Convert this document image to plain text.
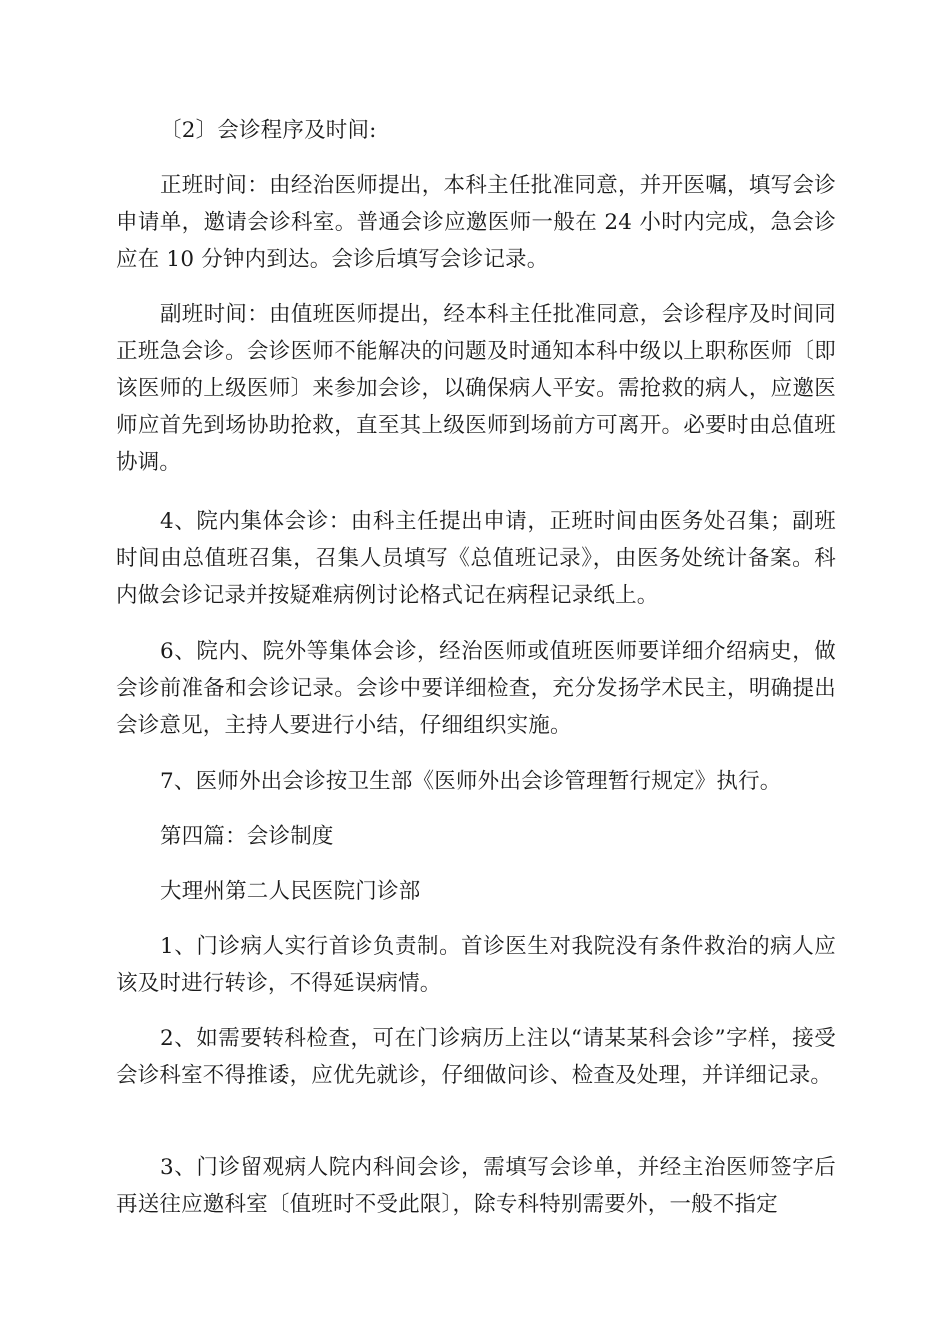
〔2〕会诊程序及时间:

正班时间：由经治医师提出，本科主任批准同意，并开医嘱，填写会诊申请单，邀请会诊科室。普通会诊应邀医师一般在 24 小时内完成，急会诊应在 10 分钟内到达。会诊后填写会诊记录。

副班时间：由值班医师提出，经本科主任批准同意，会诊程序及时间同正班急会诊。会诊医师不能解决的问题及时通知本科中级以上职称医师〔即该医师的上级医师〕来参加会诊，以确保病人平安。需抢救的病人，应邀医师应首先到场协助抢救，直至其上级医师到场前方可离开。必要时由总值班协调。

4、院内集体会诊：由科主任提出申请，正班时间由医务处召集；副班时间由总值班召集，召集人员填写《总值班记录》，由医务处统计备案。科内做会诊记录并按疑难病例讨论格式记在病程记录纸上。

6、院内、院外等集体会诊，经治医师或值班医师要详细介绍病史，做会诊前准备和会诊记录。会诊中要详细检查，充分发扬学术民主，明确提出会诊意见，主持人要进行小结，仔细组织实施。

7、医师外出会诊按卫生部《医师外出会诊管理暂行规定》执行。

第四篇：会诊制度

大理州第二人民医院门诊部

1、门诊病人实行首诊负责制。首诊医生对我院没有条件救治的病人应该及时进行转诊，不得延误病情。

2、如需要转科检查，可在门诊病历上注以“请某某科会诊”字样，接受会诊科室不得推诿，应优先就诊，仔细做问诊、检查及处理，并详细记录。

3、门诊留观病人院内科间会诊，需填写会诊单，并经主治医师签字后再送往应邀科室〔值班时不受此限〕，除专科特别需要外，一般不指定
